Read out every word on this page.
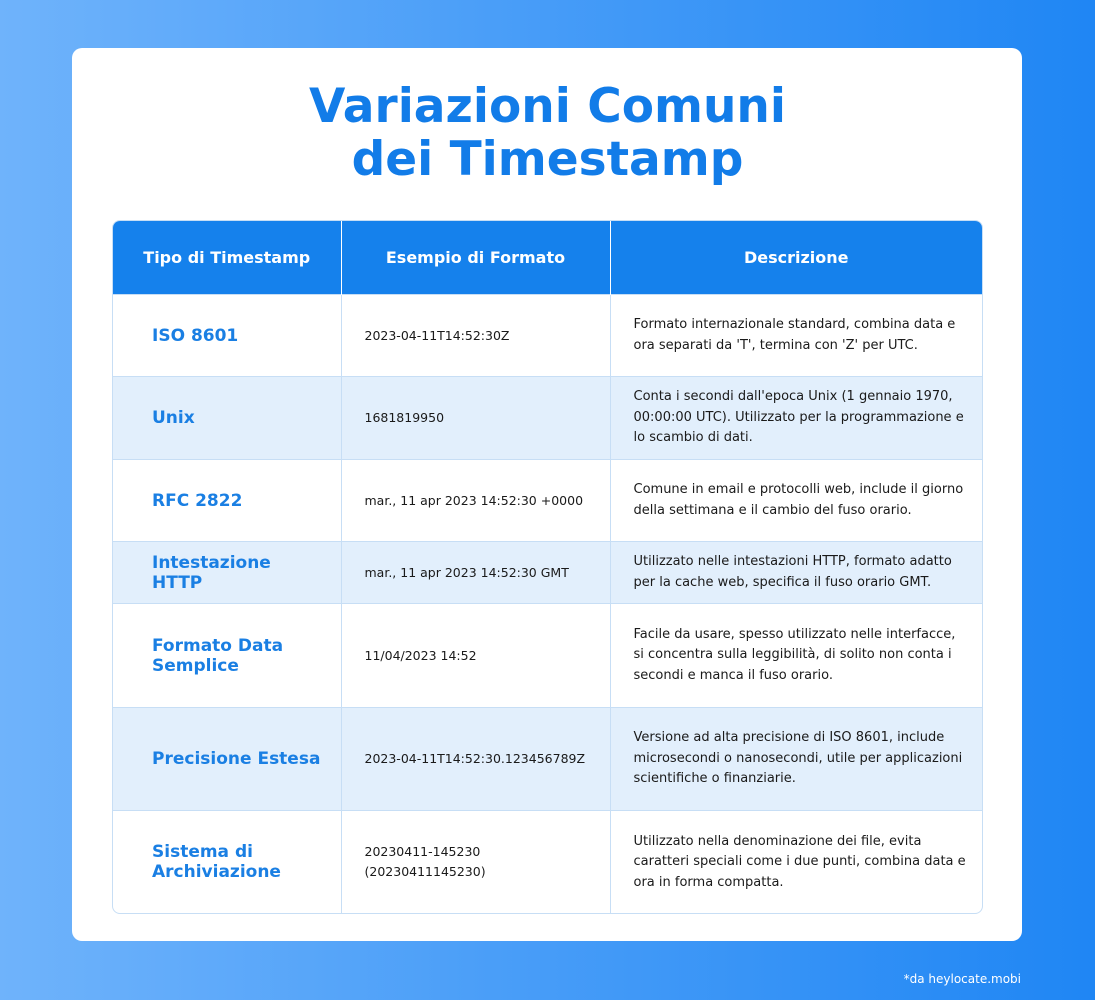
Variazioni Comuni
dei Timestamp
Tipo di Timestamp	Esempio di Formato	Descrizione
ISO 8601	2023-04-11T14:52:30Z	Formato internazionale standard, combina data e ora separati da 'T', termina con 'Z' per UTC.
Unix	1681819950	Conta i secondi dall'epoca Unix (1 gennaio 1970, 00:00:00 UTC). Utilizzato per la programmazione e lo scambio di dati.
RFC 2822	mar., 11 apr 2023 14:52:30 +0000	Comune in email e protocolli web, include il giorno della settimana e il cambio del fuso orario.
Intestazione HTTP	mar., 11 apr 2023 14:52:30 GMT	Utilizzato nelle intestazioni HTTP, formato adatto per la cache web, specifica il fuso orario GMT.
Formato Data Semplice	11/04/2023 14:52	Facile da usare, spesso utilizzato nelle interfacce, si concentra sulla leggibilità, di solito non conta i secondi e manca il fuso orario.
Precisione Estesa	2023-04-11T14:52:30.123456789Z	Versione ad alta precisione di ISO 8601, include microsecondi o nanosecondi, utile per applicazioni scientifiche o finanziarie.
Sistema di Archiviazione	20230411-145230 (20230411145230)	Utilizzato nella denominazione dei file, evita caratteri speciali come i due punti, combina data e ora in forma compatta.
*da heylocate.mobi
